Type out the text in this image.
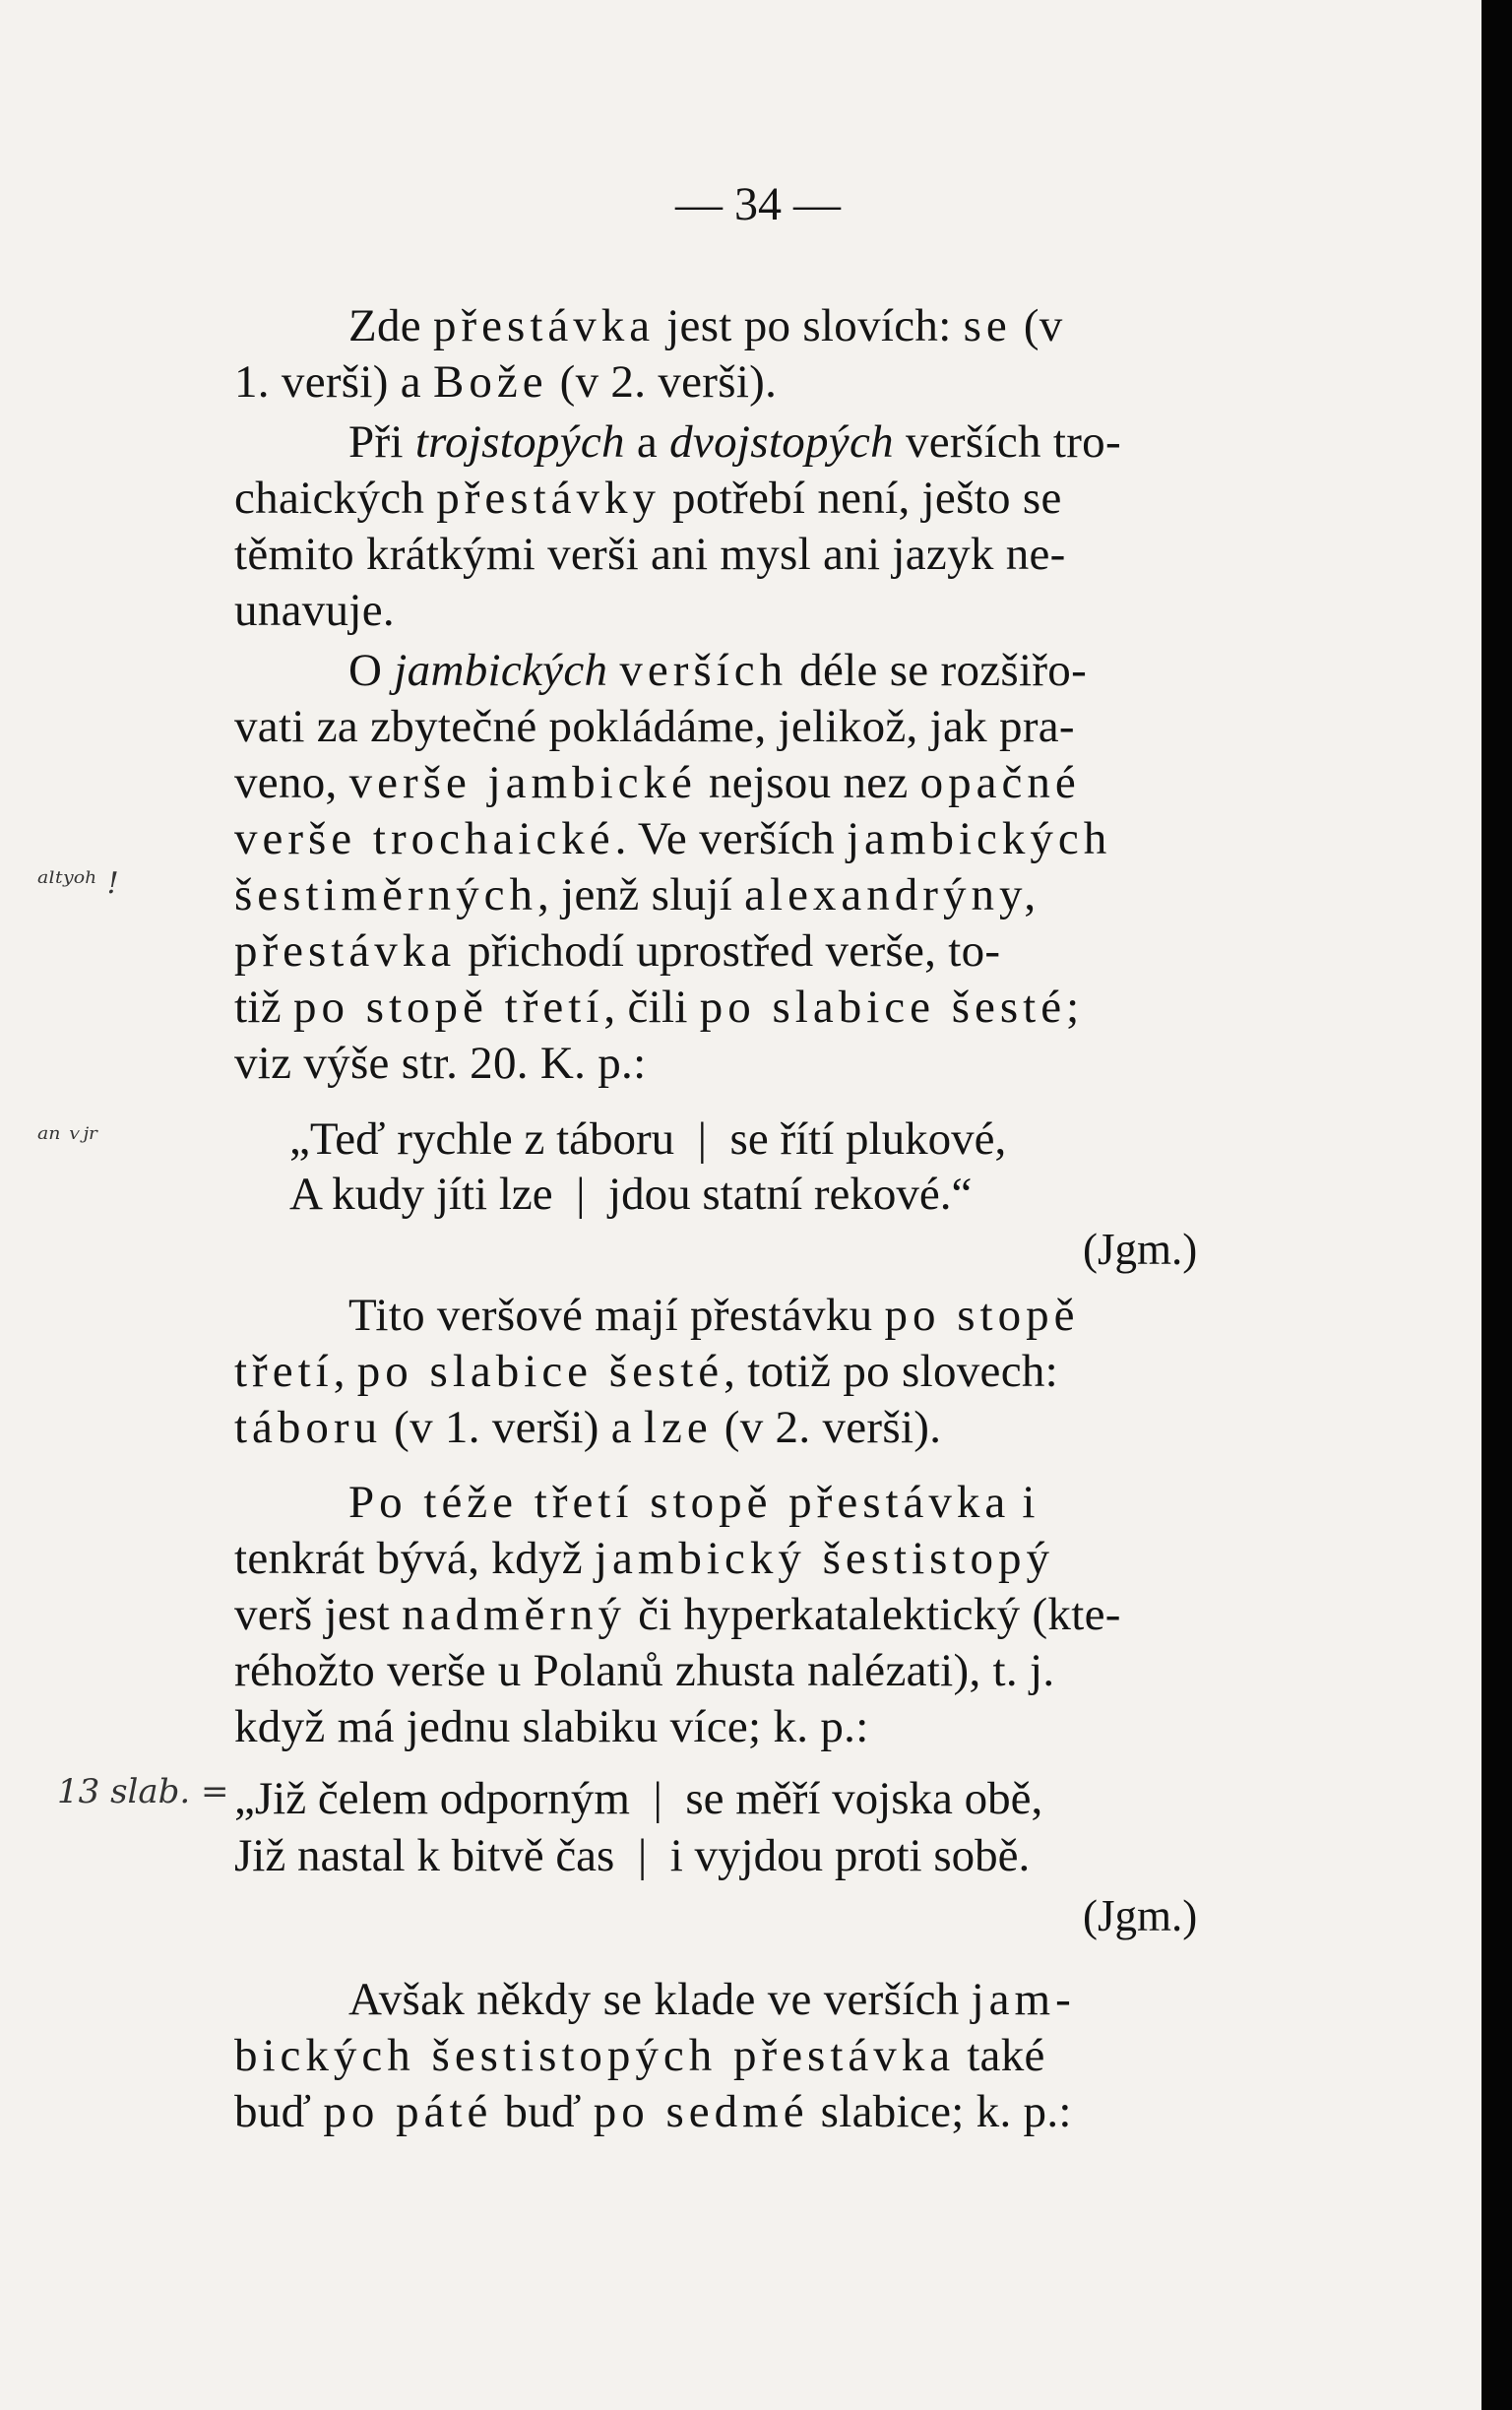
— 34 —
Zde přestávka jest po slovích: se (v
1. verši) a Bože (v 2. verši).
Při trojstopých a dvojstopých verších tro-
chaických přestávky potřebí není, ješto se
těmito krátkými verši ani mysl ani jazyk ne-
unavuje.
O jambických verších déle se rozšiřo-
vati za zbytečné pokládáme, jelikož, jak pra-
veno, verše jambické nejsou nez opačné
verše trochaické. Ve verších jambických
šestiměrných, jenž slují alexandrýny,
přestávka přichodí uprostřed verše, to-
tiž po stopě třetí, čili po slabice šesté;
viz výše str. 20. K. p.:
ᵃˡᵗʸᵒʰ !
ᵃⁿ ᵛʲʳ
13 slab. =
„Teď rychle z táboru  |  se řítí plukové,
A kudy jíti lze  |  jdou statní rekové.“
(Jgm.)
Tito veršové mají přestávku po stopě
třetí, po slabice šesté, totiž po slovech:
táboru (v 1. verši) a lze (v 2. verši).
Po téže třetí stopě přestávka i
tenkrát bývá, když jambický šestistopý
verš jest nadměrný či hyperkatalektický (kte-
réhožto verše u Polanů zhusta nalézati), t. j.
když má jednu slabiku více; k. p.:
„Již čelem odporným  |  se měří vojska obě,
Již nastal k bitvě čas  |  i vyjdou proti sobě.
(Jgm.)
Avšak někdy se klade ve verších jam-
bických šestistopých přestávka také
buď po páté buď po sedmé slabice; k. p.:
